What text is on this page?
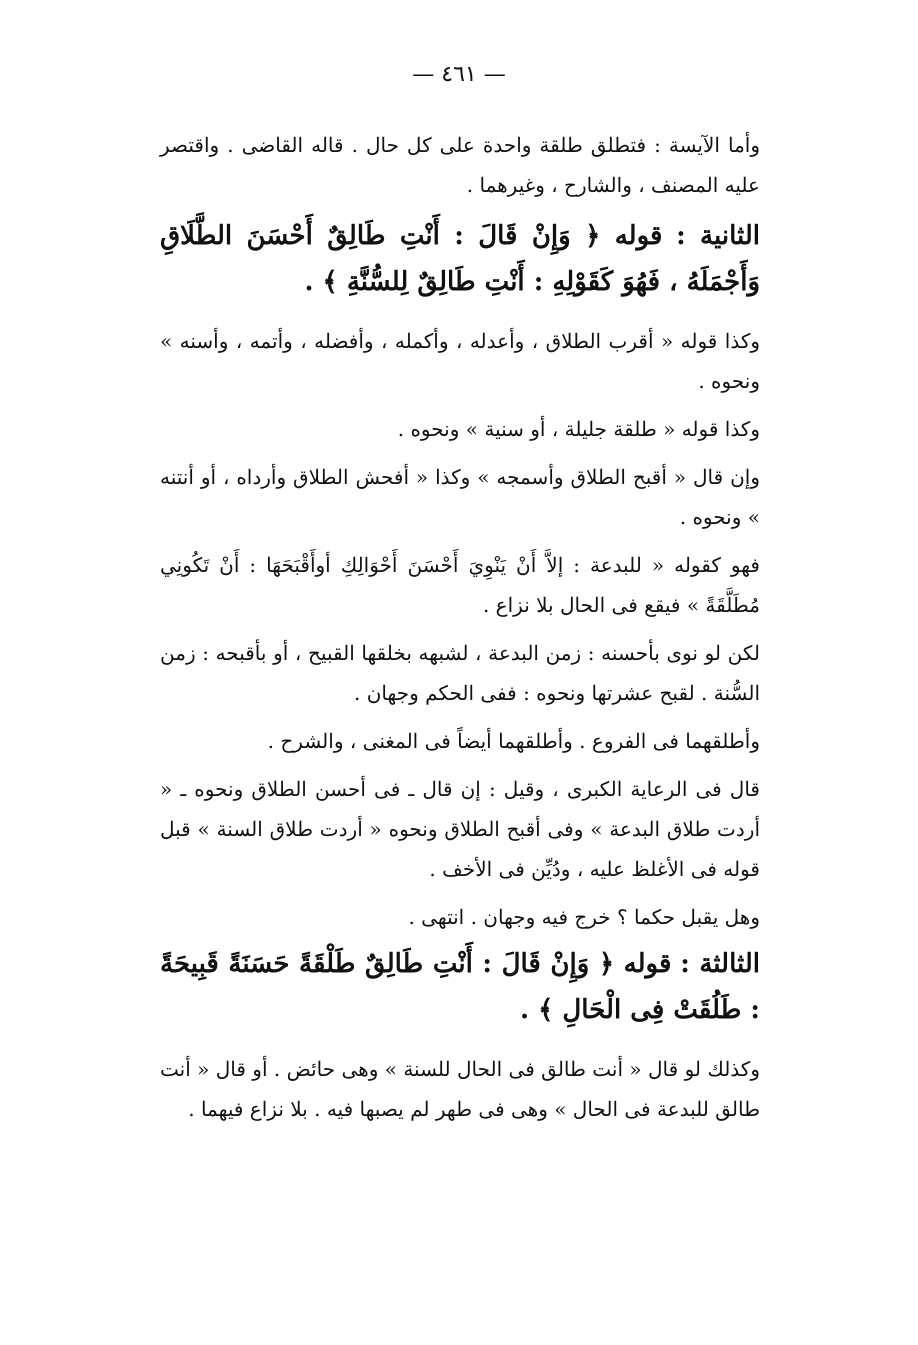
— ٤٦١ —

وأما الآيسة : فتطلق طلقة واحدة على كل حال . قاله القاضى . واقتصر عليه المصنف ، والشارح ، وغيرهما .

الثانية : قوله ﴿ وَإِنْ قَالَ : أَنْتِ طَالِقٌ أَحْسَنَ الطَّلَاقِ وَأَجْمَلَهُ ، فَهُوَ كَقَوْلِهِ : أَنْتِ طَالِقٌ لِلسُّنَّةِ ﴾ .

وكذا قوله « أقرب الطلاق ، وأعدله ، وأكمله ، وأفضله ، وأتمه ، وأسنه » ونحوه .

وكذا قوله « طلقة جليلة ، أو سنية » ونحوه .

وإن قال « أقبح الطلاق وأسمجه » وكذا « أفحش الطلاق وأرداه ، أو أنتنه » ونحوه .

فهو كقوله « للبدعة : إلاَّ أَنْ يَنْوِيَ أَحْسَنَ أَحْوَالِكِ أوأَقْبَحَهَا : أَنْ تَكُونِي مُطَلَّقَةً » فيقع فى الحال بلا نزاع .

لكن لو نوى بأحسنه : زمن البدعة ، لشبهه بخلقها القبيح ، أو بأقبحه : زمن السُّنة . لقبح عشرتها ونحوه : ففى الحكم وجهان .

وأطلقهما فى الفروع . وأطلقهما أيضاً فى المغنى ، والشرح .

قال فى الرعاية الكبرى ، وقيل : إن قال ـ فى أحسن الطلاق ونحوه ـ « أردت طلاق البدعة » وفى أقبح الطلاق ونحوه « أردت طلاق السنة » قبل قوله فى الأغلظ عليه ، ودُيِّن فى الأخف .

وهل يقبل حكما ؟ خرج فيه وجهان . انتهى .

الثالثة : قوله ﴿ وَإِنْ قَالَ : أَنْتِ طَالِقٌ طَلْقَةً حَسَنَةً قَبِيحَةً : طَلُقَتْ فِى الْحَالِ ﴾ .

وكذلك لو قال « أنت طالق فى الحال للسنة » وهى حائض . أو قال « أنت طالق للبدعة فى الحال » وهى فى طهر لم يصبها فيه . بلا نزاع فيهما .
